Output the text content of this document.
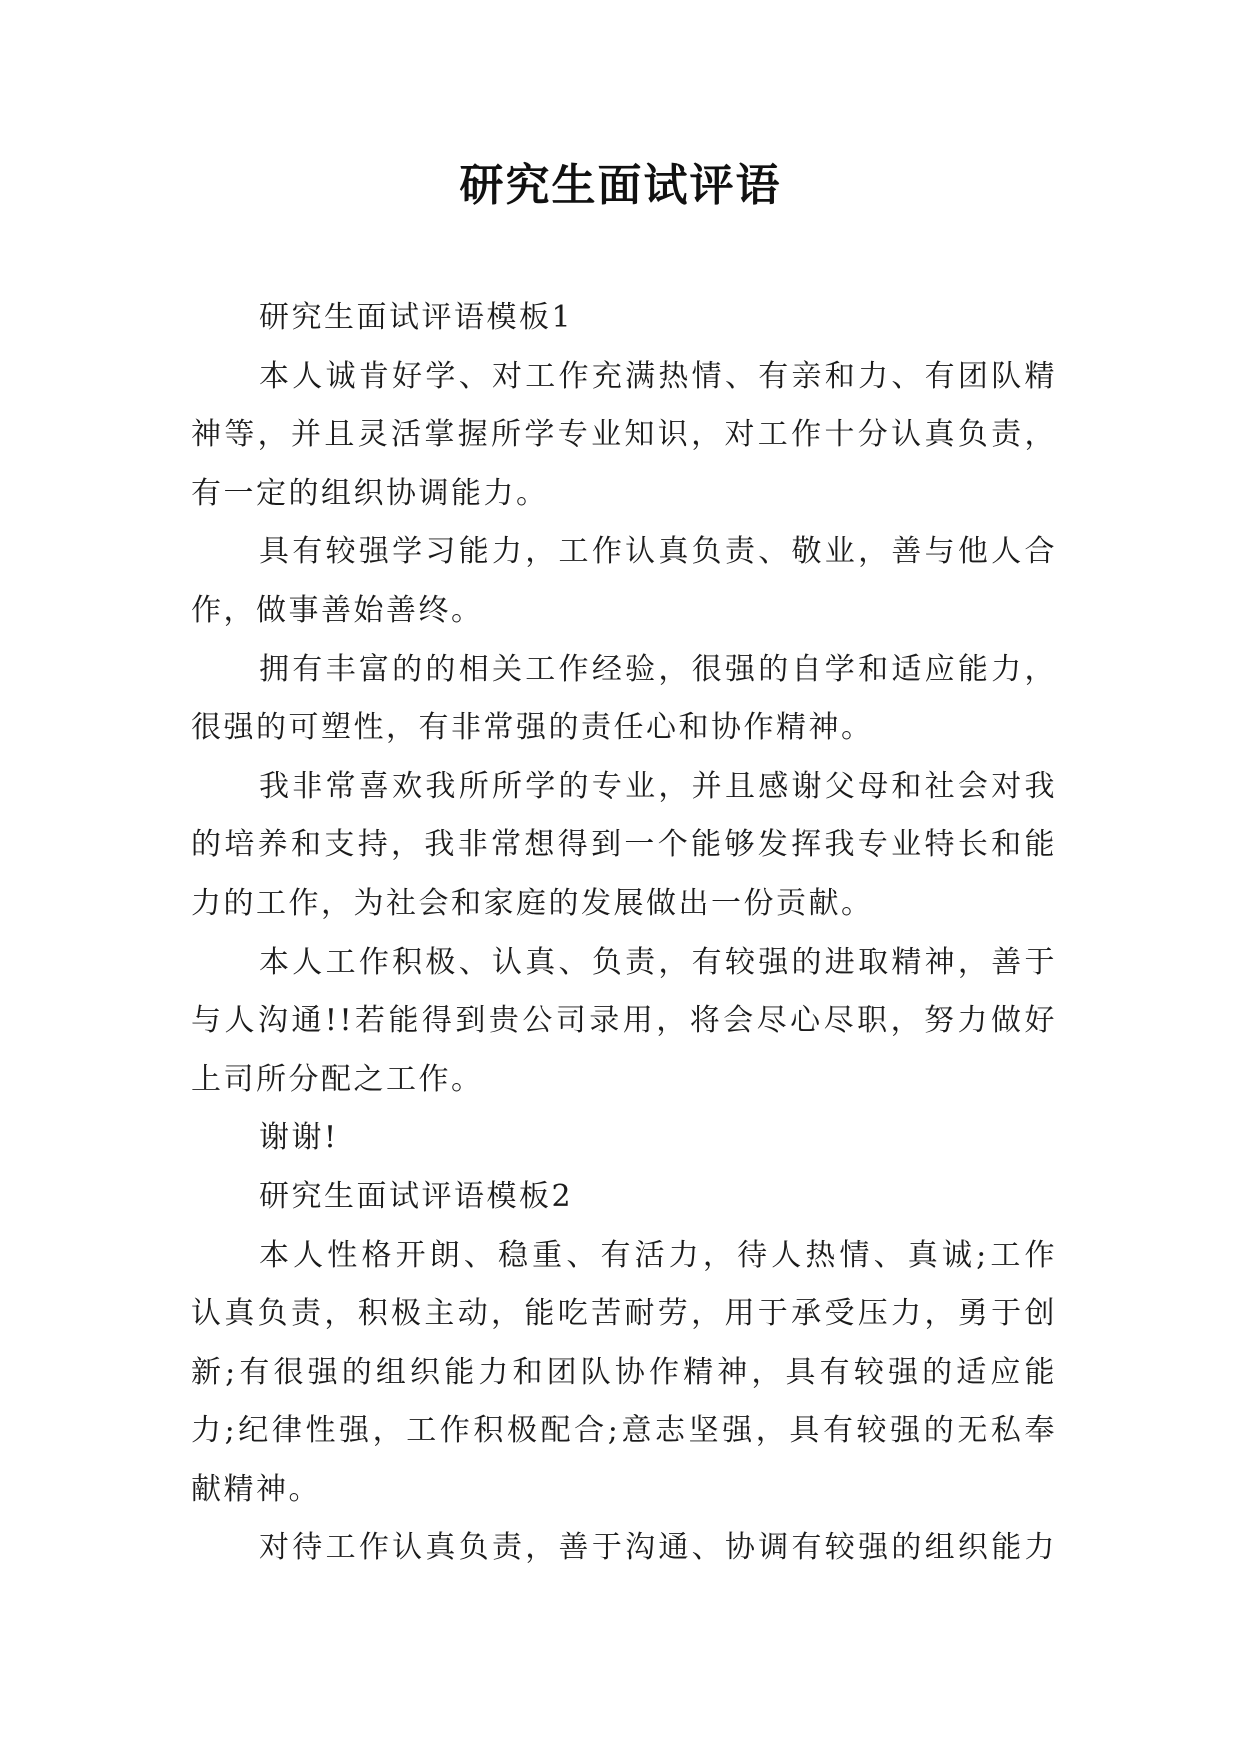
研究生面试评语
研究生面试评语模板1
本人诚肯好学、对工作充满热情、有亲和力、有团队精
神等，并且灵活掌握所学专业知识，对工作十分认真负责，
有一定的组织协调能力。
具有较强学习能力，工作认真负责、敬业，善与他人合
作，做事善始善终。
拥有丰富的的相关工作经验，很强的自学和适应能力，
很强的可塑性，有非常强的责任心和协作精神。
我非常喜欢我所所学的专业，并且感谢父母和社会对我
的培养和支持，我非常想得到一个能够发挥我专业特长和能
力的工作，为社会和家庭的发展做出一份贡献。
本人工作积极、认真、负责，有较强的进取精神，善于
与人沟通!!若能得到贵公司录用，将会尽心尽职，努力做好
上司所分配之工作。
谢谢!
研究生面试评语模板2
本人性格开朗、稳重、有活力，待人热情、真诚;工作
认真负责，积极主动，能吃苦耐劳，用于承受压力，勇于创
新;有很强的组织能力和团队协作精神，具有较强的适应能
力;纪律性强，工作积极配合;意志坚强，具有较强的无私奉
献精神。
对待工作认真负责，善于沟通、协调有较强的组织能力
